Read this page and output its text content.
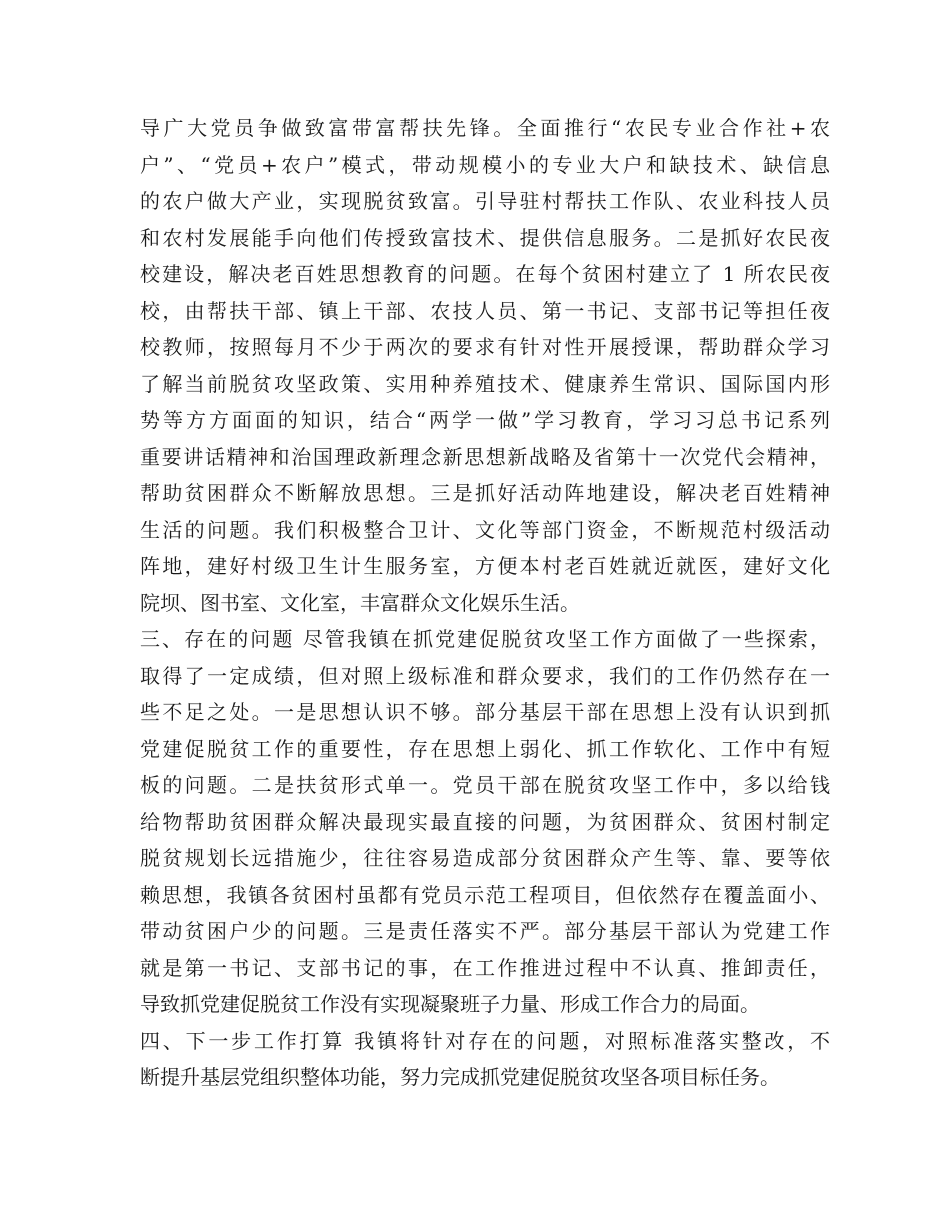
导广大党员争做致富带富帮扶先锋。全面推行“农民专业合作社+农
户”、“党员+农户”模式，带动规模小的专业大户和缺技术、缺信息
的农户做大产业，实现脱贫致富。引导驻村帮扶工作队、农业科技人员
和农村发展能手向他们传授致富技术、提供信息服务。二是抓好农民夜
校建设，解决老百姓思想教育的问题。在每个贫困村建立了 1 所农民夜
校，由帮扶干部、镇上干部、农技人员、第一书记、支部书记等担任夜
校教师，按照每月不少于两次的要求有针对性开展授课，帮助群众学习
了解当前脱贫攻坚政策、实用种养殖技术、健康养生常识、国际国内形
势等方方面面的知识，结合“两学一做”学习教育，学习习总书记系列
重要讲话精神和治国理政新理念新思想新战略及省第十一次党代会精神，
帮助贫困群众不断解放思想。三是抓好活动阵地建设，解决老百姓精神
生活的问题。我们积极整合卫计、文化等部门资金，不断规范村级活动
阵地，建好村级卫生计生服务室，方便本村老百姓就近就医，建好文化
院坝、图书室、文化室，丰富群众文化娱乐生活。
三、存在的问题 尽管我镇在抓党建促脱贫攻坚工作方面做了一些探索，
取得了一定成绩，但对照上级标准和群众要求，我们的工作仍然存在一
些不足之处。一是思想认识不够。部分基层干部在思想上没有认识到抓
党建促脱贫工作的重要性，存在思想上弱化、抓工作软化、工作中有短
板的问题。二是扶贫形式单一。党员干部在脱贫攻坚工作中，多以给钱
给物帮助贫困群众解决最现实最直接的问题，为贫困群众、贫困村制定
脱贫规划长远措施少，往往容易造成部分贫困群众产生等、靠、要等依
赖思想，我镇各贫困村虽都有党员示范工程项目，但依然存在覆盖面小、
带动贫困户少的问题。三是责任落实不严。部分基层干部认为党建工作
就是第一书记、支部书记的事，在工作推进过程中不认真、推卸责任，
导致抓党建促脱贫工作没有实现凝聚班子力量、形成工作合力的局面。
四、下一步工作打算 我镇将针对存在的问题，对照标准落实整改，不
断提升基层党组织整体功能，努力完成抓党建促脱贫攻坚各项目标任务。
